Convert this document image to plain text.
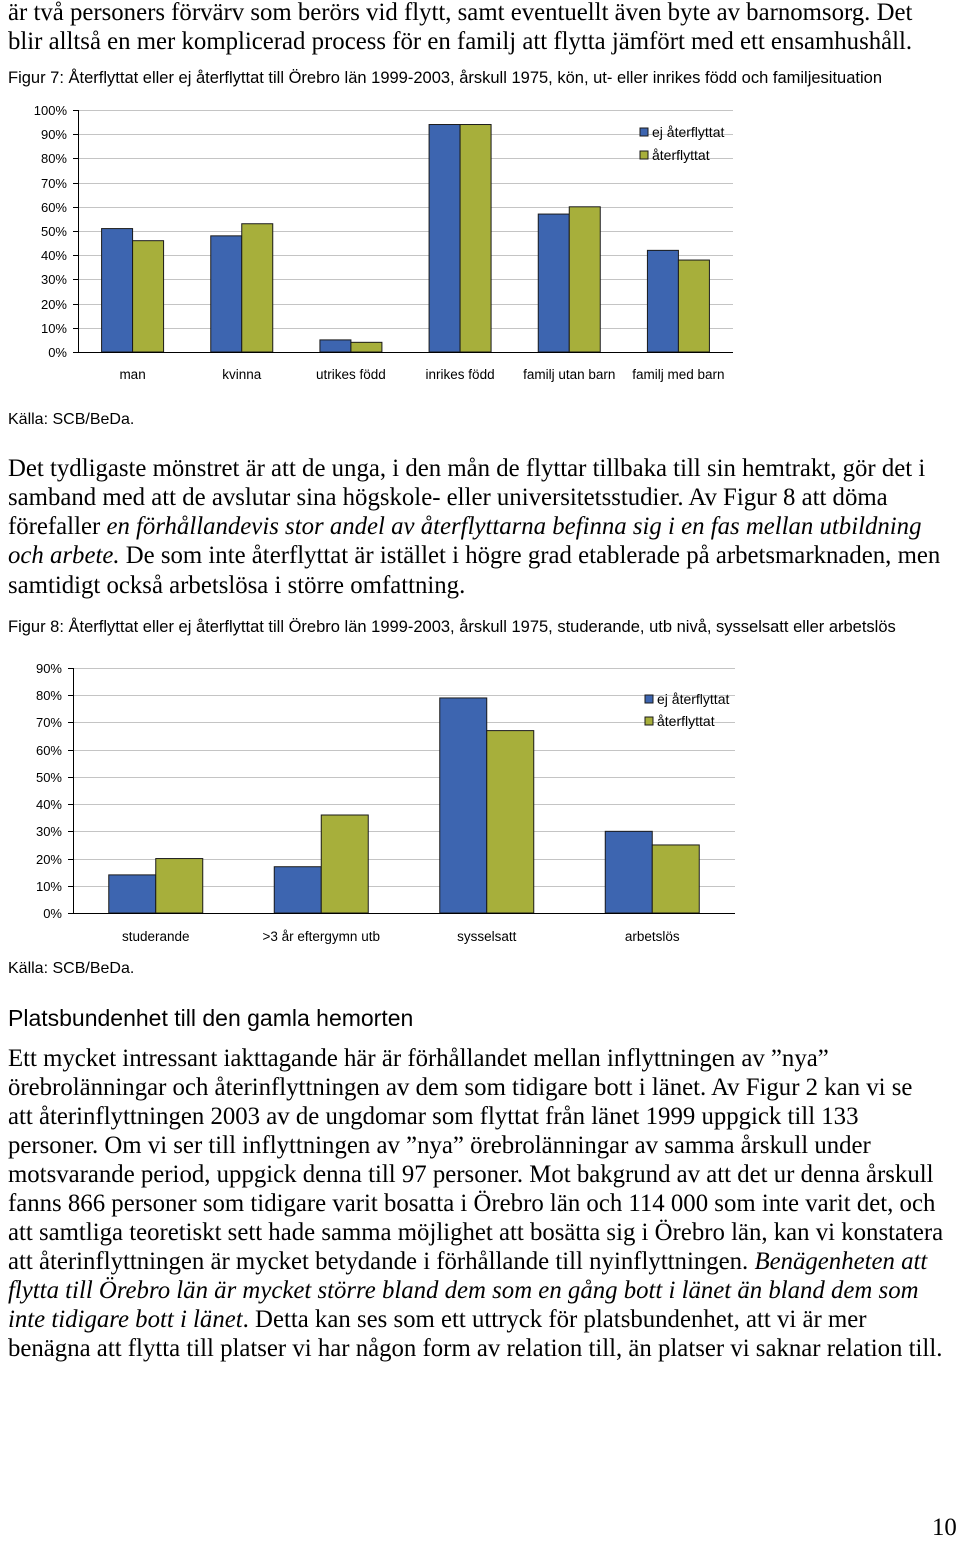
är två personers förvärv som berörs vid flytt, samt eventuellt även byte av barnomsorg. Det
blir alltså en mer komplicerad process för en familj att flytta jämfört med ett ensamhushåll.
Figur 7: Återflyttat eller ej återflyttat till Örebro län 1999-2003, årskull 1975, kön, ut- eller inrikes född och familjesituation
0%
10%
20%
30%
40%
50%
60%
70%
80%
90%
100%
man	kvinna	utrikes född	inrikes född familj utan barn familj med barn
ej återflyttat
återflyttat
Källa: SCB/BeDa.
Det tydligaste mönstret är att de unga, i den mån de flyttar tillbaka till sin hemtrakt, gör det i
samband med att de avslutar sina högskole- eller universitetsstudier. Av Figur 8 att döma
förefaller en förhållandevis stor andel av återflyttarna befinna sig i en fas mellan utbildning
och arbete. De som inte återflyttat är istället i högre grad etablerade på arbetsmarknaden, men
samtidigt också arbetslösa i större omfattning.
Figur 8: Återflyttat eller ej återflyttat till Örebro län 1999-2003, årskull 1975, studerande, utb nivå, sysselsatt eller arbetslös
0%
10%
20%
30%
40%
50%
60%
70%
80%
90%
studerande	>3 år eftergymn utb	sysselsatt	arbetslös
ej återflyttat
återflyttat
Källa: SCB/BeDa.
Platsbundenhet till den gamla hemorten
Ett mycket intressant iakttagande här är förhållandet mellan inflyttningen av ”nya”
örebrolänningar och återinflyttningen av dem som tidigare bott i länet. Av Figur 2 kan vi se
att återinflyttningen 2003 av de ungdomar som flyttat från länet 1999 uppgick till 133
personer. Om vi ser till inflyttningen av ”nya” örebrolänningar av samma årskull under
motsvarande period, uppgick denna till 97 personer. Mot bakgrund av att det ur denna årskull
fanns 866 personer som tidigare varit bosatta i Örebro län och 114 000 som inte varit det, och
att samtliga teoretiskt sett hade samma möjlighet att bosätta sig i Örebro län, kan vi konstatera
att återinflyttningen är mycket betydande i förhållande till nyinflyttningen. Benägenheten att
flytta till Örebro län är mycket större bland dem som en gång bott i länet än bland dem som
inte tidigare bott i länet. Detta kan ses som ett uttryck för platsbundenhet, att vi är mer
benägna att flytta till platser vi har någon form av relation till, än platser vi saknar relation till.
10
